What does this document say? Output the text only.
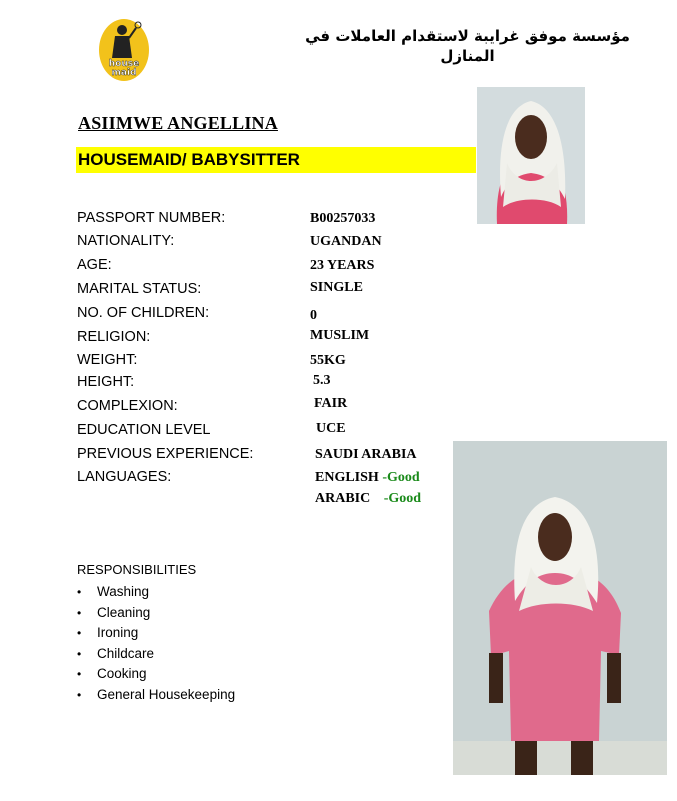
house
maid
مؤسسة موفق غرايبة لاستقدام العاملات في المنازل
ASIIMWE ANGELLINA
HOUSEMAID/ BABYSITTER
PASSPORT NUMBER:	B00257033
NATIONALITY:	UGANDAN
AGE:	23 YEARS
MARITAL STATUS:	SINGLE
NO. OF CHILDREN:	0
RELIGION:	MUSLIM
WEIGHT:	55KG
HEIGHT:	5.3
COMPLEXION:	FAIR
EDUCATION LEVEL	UCE
PREVIOUS EXPERIENCE:	SAUDI ARABIA
LANGUAGES:	ENGLISH -Good
ARABIC -Good
RESPONSIBILITIES
• Washing
• Cleaning
• Ironing
• Childcare
• Cooking
• General Housekeeping
